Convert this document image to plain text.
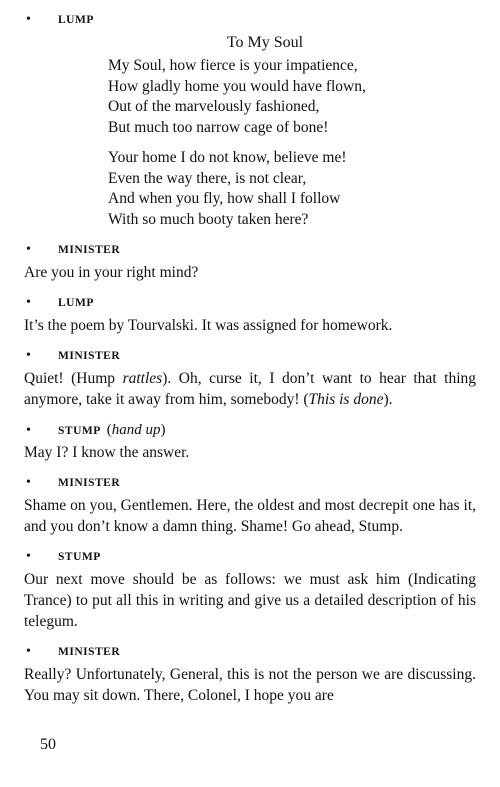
•	LUMP

To My Soul

My Soul, how fierce is your impatience,
How gladly home you would have flown,
Out of the marvelously fashioned,
But much too narrow cage of bone!
Your home I do not know, believe me!
Even the way there, is not clear,
And when you fly, how shall I follow
With so much booty taken here?
•	MINISTER

Are you in your right mind?

•	LUMP

It’s the poem by Tourvalski. It was assigned for homework.

•	MINISTER

Quiet! (Hump rattles). Oh, curse it, I don’t want to hear that thing anymore, take it away from him, somebody! (This is done).

•	STUMP (hand up)

May I? I know the answer.

•	MINISTER

Shame on you, Gentlemen. Here, the oldest and most decrepit one has it, and you don’t know a damn thing. Shame! Go ahead, Stump.

•	STUMP

Our next move should be as follows: we must ask him (Indicating Trance) to put all this in writing and give us a detailed description of his telegum.

•	MINISTER

Really? Unfortunately, General, this is not the person we are discussing. You may sit down. There, Colonel, I hope you are

50
